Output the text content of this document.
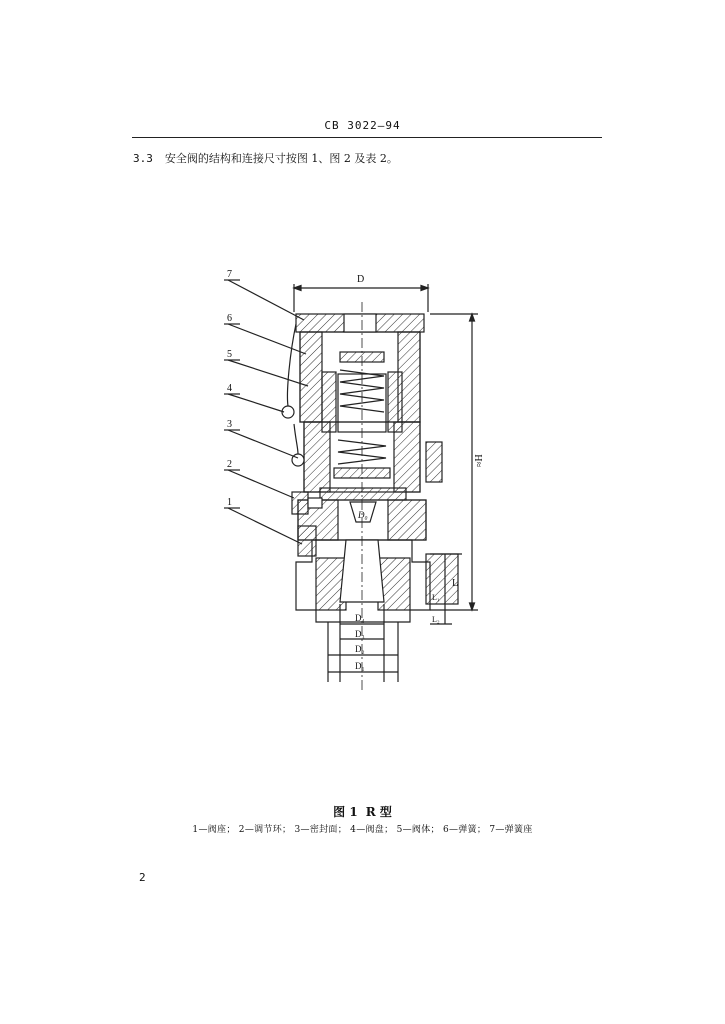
CB 3022—94
3.3 安全阀的结构和连接尺寸按图 1、图 2 及表 2。
7
6
5
4
3
2
1
D
≈H
L
L₁
L₂
D₀
D₄
D₃
D₂
D₁
图 1 R 型
1—阀座； 2—调节环； 3—密封面； 4—阀盘； 5—阀体； 6—弹簧； 7—弹簧座
2
